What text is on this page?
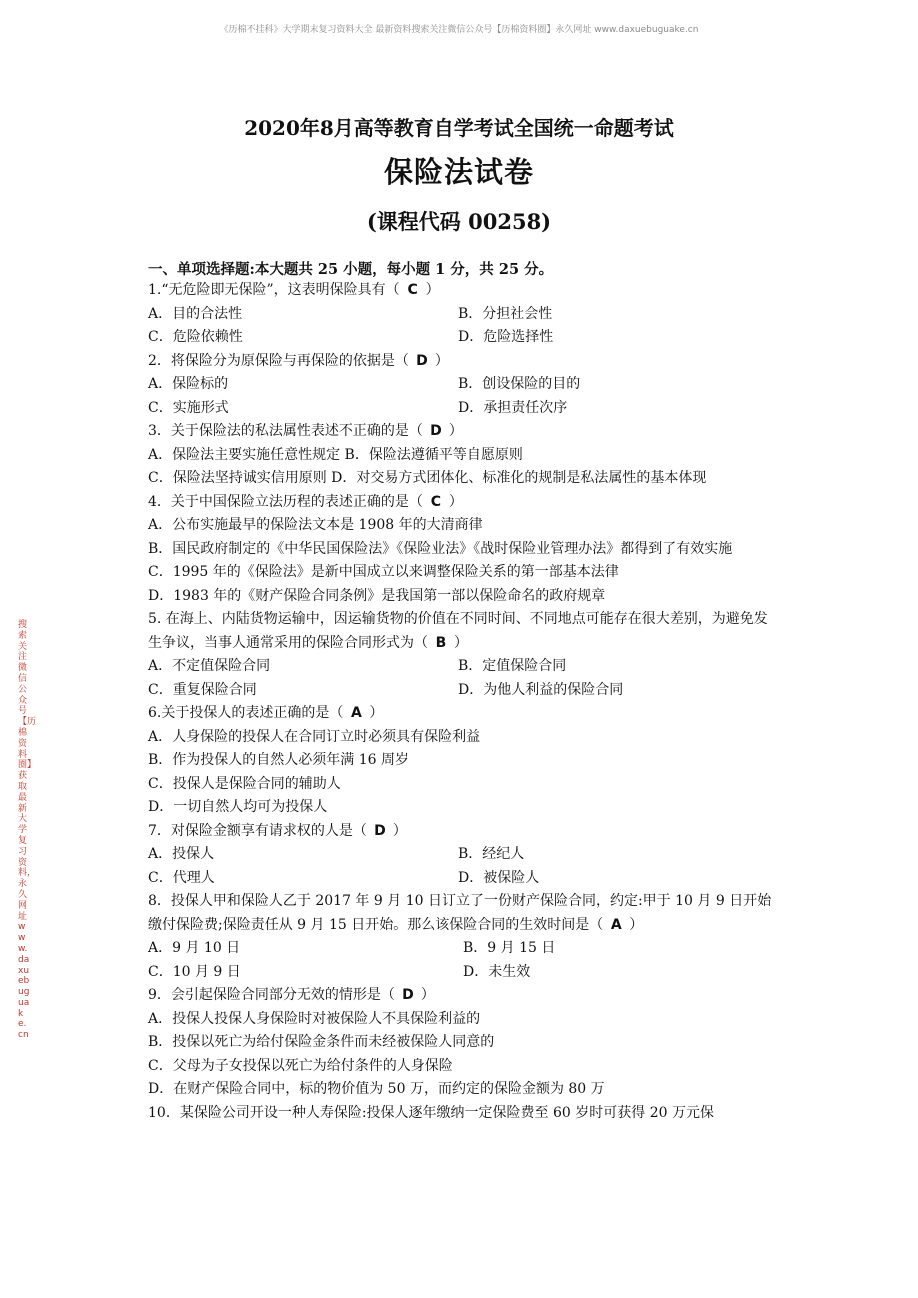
《历棉不挂科》大学期末复习资料大全 最新资料搜索关注微信公众号【历棉资料圈】永久网址 www.daxuebuguake.cn
搜索关注微信公众号【历 棉 资 料 圈】获取最新大学复习资料，永久网址 www.daxuebuguake.cn
2020年8月高等教育自学考试全国统一命题考试
保险法试卷
(课程代码 00258)
一、单项选择题:本大题共 25 小题，每小题 1 分，共 25 分。
1.“无危险即无保险”，这表明保险具有（ C ）
A．目的合法性	B．分担社会性
C．危险依赖性	D．危险选择性
2．将保险分为原保险与再保险的依据是（ D ）
A．保险标的	B．创设保险的目的
C．实施形式	D．承担责任次序
3．关于保险法的私法属性表述不正确的是（ D ）
A．保险法主要实施任意性规定 B．保险法遵循平等自愿原则
C．保险法坚持诚实信用原则 D．对交易方式团体化、标准化的规制是私法属性的基本体现
4．关于中国保险立法历程的表述正确的是（ C ）
A．公布实施最早的保险法文本是 1908 年的大清商律
B．国民政府制定的《中华民国保险法》《保险业法》《战时保险业管理办法》都得到了有效实施
C．1995 年的《保险法》是新中国成立以来调整保险关系的第一部基本法律
D．1983 年的《财产保险合同条例》是我国第一部以保险命名的政府规章
5. 在海上、内陆货物运输中，因运输货物的价值在不同时间、不同地点可能存在很大差别，为避免发生争议，当事人通常采用的保险合同形式为（ B ）
A．不定值保险合同	B．定值保险合同
C．重复保险合同	D．为他人利益的保险合同
6.关于投保人的表述正确的是（ A ）
A．人身保险的投保人在合同订立时必须具有保险利益
B．作为投保人的自然人必须年满 16 周岁
C．投保人是保险合同的辅助人
D．一切自然人均可为投保人
7．对保险金额享有请求权的人是（ D ）
A．投保人	B．经纪人
C．代理人	D．被保险人
8．投保人甲和保险人乙于 2017 年 9 月 10 日订立了一份财产保险合同，约定:甲于 10 月 9 日开始缴付保险费;保险责任从 9 月 15 日开始。那么该保险合同的生效时间是（ A ）
A．9 月 10 日	B．9 月 15 日
C．10 月 9 日	D．未生效
9．会引起保险合同部分无效的情形是（ D ）
A．投保人投保人身保险时对被保险人不具保险利益的
B．投保以死亡为给付保险金条件而未经被保险人同意的
C．父母为子女投保以死亡为给付条件的人身保险
D．在财产保险合同中，标的物价值为 50 万，而约定的保险金额为 80 万
10．某保险公司开设一种人寿保险:投保人逐年缴纳一定保险费至 60 岁时可获得 20 万元保
